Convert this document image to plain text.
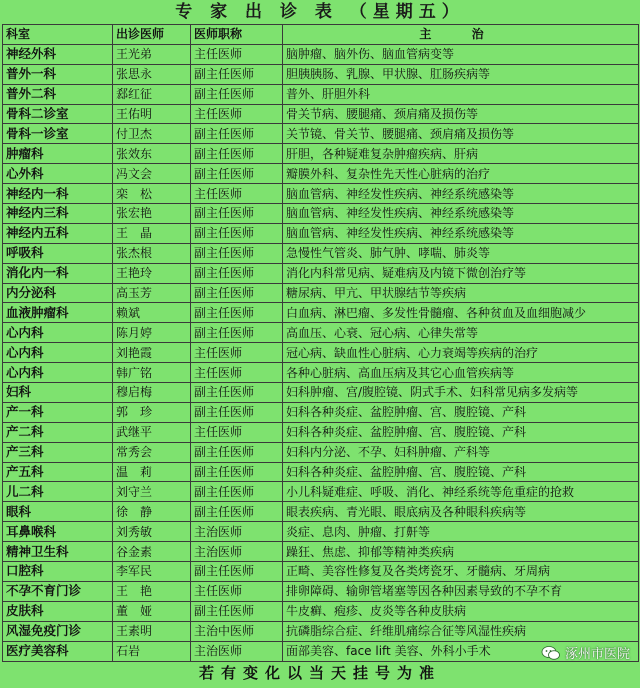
专 家 出 诊 表 （星期五）
科室	出诊医师	医师职称	主 治
神经外科	王光弟	主任医师	脑肿瘤、脑外伤、脑血管病变等
普外一科	张思永	副主任医师	胆胰胰肠、乳腺、甲状腺、肛肠疾病等
普外二科	郄红征	副主任医师	普外、肝胆外科
骨科二诊室	王佑明	主任医师	骨关节病、腰腿痛、颈肩痛及损伤等
骨科一诊室	付卫杰	副主任医师	关节镜、骨关节、腰腿痛、颈肩痛及损伤等
肿瘤科	张效东	副主任医师	肝胆，各种疑难复杂肿瘤疾病、肝病
心外科	冯文会	副主任医师	瓣膜外科、复杂性先天性心脏病的治疗
神经内一科	栾　松	主任医师	脑血管病、神经发性疾病、神经系统感染等
神经内三科	张宏艳	副主任医师	脑血管病、神经发性疾病、神经系统感染等
神经内五科	王　晶	副主任医师	脑血管病、神经发性疾病、神经系统感染等
呼吸科	张杰根	副主任医师	急慢性气管炎、肺气肿、哮喘、肺炎等
消化内一科	王艳玲	副主任医师	消化内科常见病、疑难病及内镜下微创治疗等
内分泌科	高玉芳	副主任医师	糖尿病、甲亢、甲状腺结节等疾病
血液肿瘤科	赖斌	副主任医师	白血病、淋巴瘤、多发性骨髓瘤、各种贫血及血细胞减少
心内科	陈月婷	副主任医师	高血压、心衰、冠心病、心律失常等
心内科	刘艳霞	主任医师	冠心病、缺血性心脏病、心力衰竭等疾病的治疗
心内科	韩广铭	主任医师	各种心脏病、高血压病及其它心血管疾病等
妇科	穆启梅	副主任医师	妇科肿瘤、宫/腹腔镜、阴式手术、妇科常见病多发病等
产一科	郭　珍	副主任医师	妇科各种炎症、盆腔肿瘤、宫、腹腔镜、产科
产二科	武继平	主任医师	妇科各种炎症、盆腔肿瘤、宫、腹腔镜、产科
产三科	常秀会	副主任医师	妇科内分泌、不孕、妇科肿瘤、产科等
产五科	温　莉	副主任医师	妇科各种炎症、盆腔肿瘤、宫、腹腔镜、产科
儿二科	刘守兰	副主任医师	小儿科疑难症、呼吸、消化、神经系统等危重症的抢救
眼科	徐　静	副主任医师	眼表疾病、青光眼、眼底病及各种眼科疾病等
耳鼻喉科	刘秀敏	主治医师	炎症、息肉、肿瘤、打鼾等
精神卫生科	谷金素	主治医师	躁狂、焦虑、抑郁等精神类疾病
口腔科	李军民	副主任医师	正畸、美容性修复及各类烤瓷牙、牙髓病、牙周病
不孕不育门诊	王　艳	主任医师	排卵障碍、输卵管堵塞等因各种因素导致的不孕不育
皮肤科	董　娅	副主任医师	牛皮癣、疱疹、皮炎等各种皮肤病
风湿免疫门诊	王素明	主治中医师	抗磷脂综合症、纤维肌痛综合征等风湿性疾病
医疗美容科	石岩	主治医师	面部美容、face lift 美容、外科小手术
若有变化以当天挂号为准
涿州市医院
